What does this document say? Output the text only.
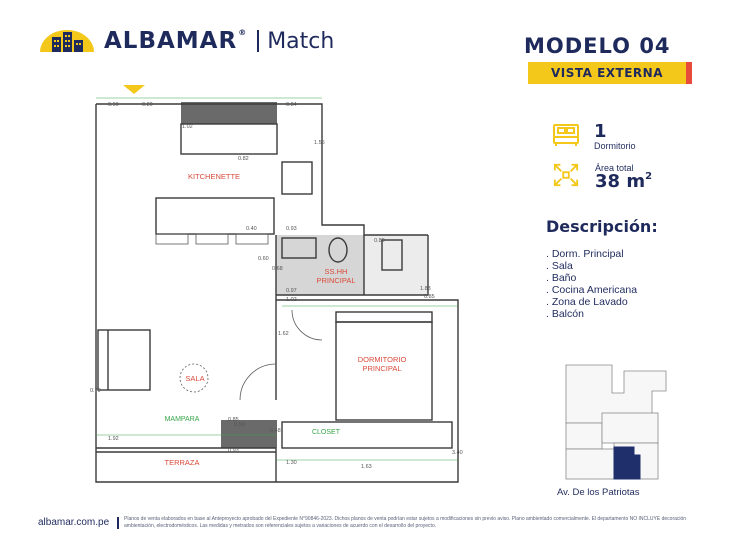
ALBAMAR® Match	MODELO 04
VISTA EXTERNA
1
Dormitorio
Área total
38 $m^2$
Descripción:
. Dorm. Principal
. Sala
. Baño
. Cocina Americana
. Zona de Lavado
. Balcón
Av. De los Patriotas
0.90	0.20	0.84
1.02
0.82
0.93
0.80
0.68
0.60
0.40
0.85
1.63
1.92
1.30
0.50
0.85
0.93
1.02
3.40
0.97
1.62
1.83
0.48
0.70
1.55
KITCHENETTE
SS.HH
PRINCIPAL
DORMITORIO
PRINCIPAL
SALA
TERRAZA
MAMPARA
CLOSET
albamar.com.pe	Planos de venta elaborados en base al Anteproyecto aprobado del Expediente N°90846-2023. Dichos planos de venta podrían estar sujetos a modificaciones sin previo aviso. Plano ambientado comercialmente. El departamento NO INCLUYE decoración ambientación, electrodomésticos. Las medidas y metrados son referenciales sujetos a variaciones de acuerdo con el desarrollo del proyecto.
